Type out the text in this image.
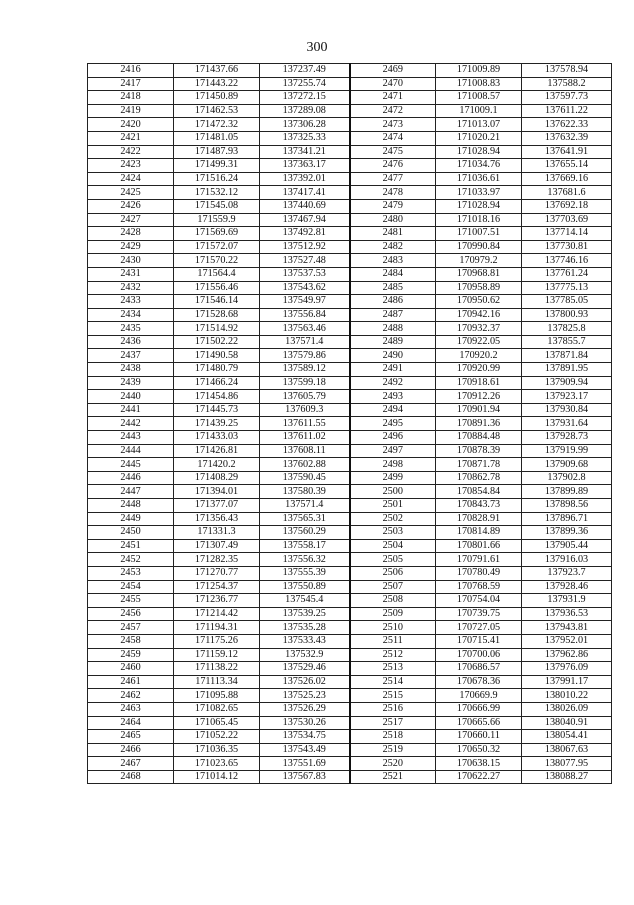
300
2416	171437.66	137237.49	2469	171009.89	137578.94
2417	171443.22	137255.74	2470	171008.83	137588.2
2418	171450.89	137272.15	2471	171008.57	137597.73
2419	171462.53	137289.08	2472	171009.1	137611.22
2420	171472.32	137306.28	2473	171013.07	137622.33
2421	171481.05	137325.33	2474	171020.21	137632.39
2422	171487.93	137341.21	2475	171028.94	137641.91
2423	171499.31	137363.17	2476	171034.76	137655.14
2424	171516.24	137392.01	2477	171036.61	137669.16
2425	171532.12	137417.41	2478	171033.97	137681.6
2426	171545.08	137440.69	2479	171028.94	137692.18
2427	171559.9	137467.94	2480	171018.16	137703.69
2428	171569.69	137492.81	2481	171007.51	137714.14
2429	171572.07	137512.92	2482	170990.84	137730.81
2430	171570.22	137527.48	2483	170979.2	137746.16
2431	171564.4	137537.53	2484	170968.81	137761.24
2432	171556.46	137543.62	2485	170958.89	137775.13
2433	171546.14	137549.97	2486	170950.62	137785.05
2434	171528.68	137556.84	2487	170942.16	137800.93
2435	171514.92	137563.46	2488	170932.37	137825.8
2436	171502.22	137571.4	2489	170922.05	137855.7
2437	171490.58	137579.86	2490	170920.2	137871.84
2438	171480.79	137589.12	2491	170920.99	137891.95
2439	171466.24	137599.18	2492	170918.61	137909.94
2440	171454.86	137605.79	2493	170912.26	137923.17
2441	171445.73	137609.3	2494	170901.94	137930.84
2442	171439.25	137611.55	2495	170891.36	137931.64
2443	171433.03	137611.02	2496	170884.48	137928.73
2444	171426.81	137608.11	2497	170878.39	137919.99
2445	171420.2	137602.88	2498	170871.78	137909.68
2446	171408.29	137590.45	2499	170862.78	137902.8
2447	171394.01	137580.39	2500	170854.84	137899.89
2448	171377.07	137571.4	2501	170843.73	137898.56
2449	171356.43	137565.31	2502	170828.91	137896.71
2450	171331.3	137560.29	2503	170814.89	137899.36
2451	171307.49	137558.17	2504	170801.66	137905.44
2452	171282.35	137556.32	2505	170791.61	137916.03
2453	171270.77	137555.39	2506	170780.49	137923.7
2454	171254.37	137550.89	2507	170768.59	137928.46
2455	171236.77	137545.4	2508	170754.04	137931.9
2456	171214.42	137539.25	2509	170739.75	137936.53
2457	171194.31	137535.28	2510	170727.05	137943.81
2458	171175.26	137533.43	2511	170715.41	137952.01
2459	171159.12	137532.9	2512	170700.06	137962.86
2460	171138.22	137529.46	2513	170686.57	137976.09
2461	171113.34	137526.02	2514	170678.36	137991.17
2462	171095.88	137525.23	2515	170669.9	138010.22
2463	171082.65	137526.29	2516	170666.99	138026.09
2464	171065.45	137530.26	2517	170665.66	138040.91
2465	171052.22	137534.75	2518	170660.11	138054.41
2466	171036.35	137543.49	2519	170650.32	138067.63
2467	171023.65	137551.69	2520	170638.15	138077.95
2468	171014.12	137567.83	2521	170622.27	138088.27
